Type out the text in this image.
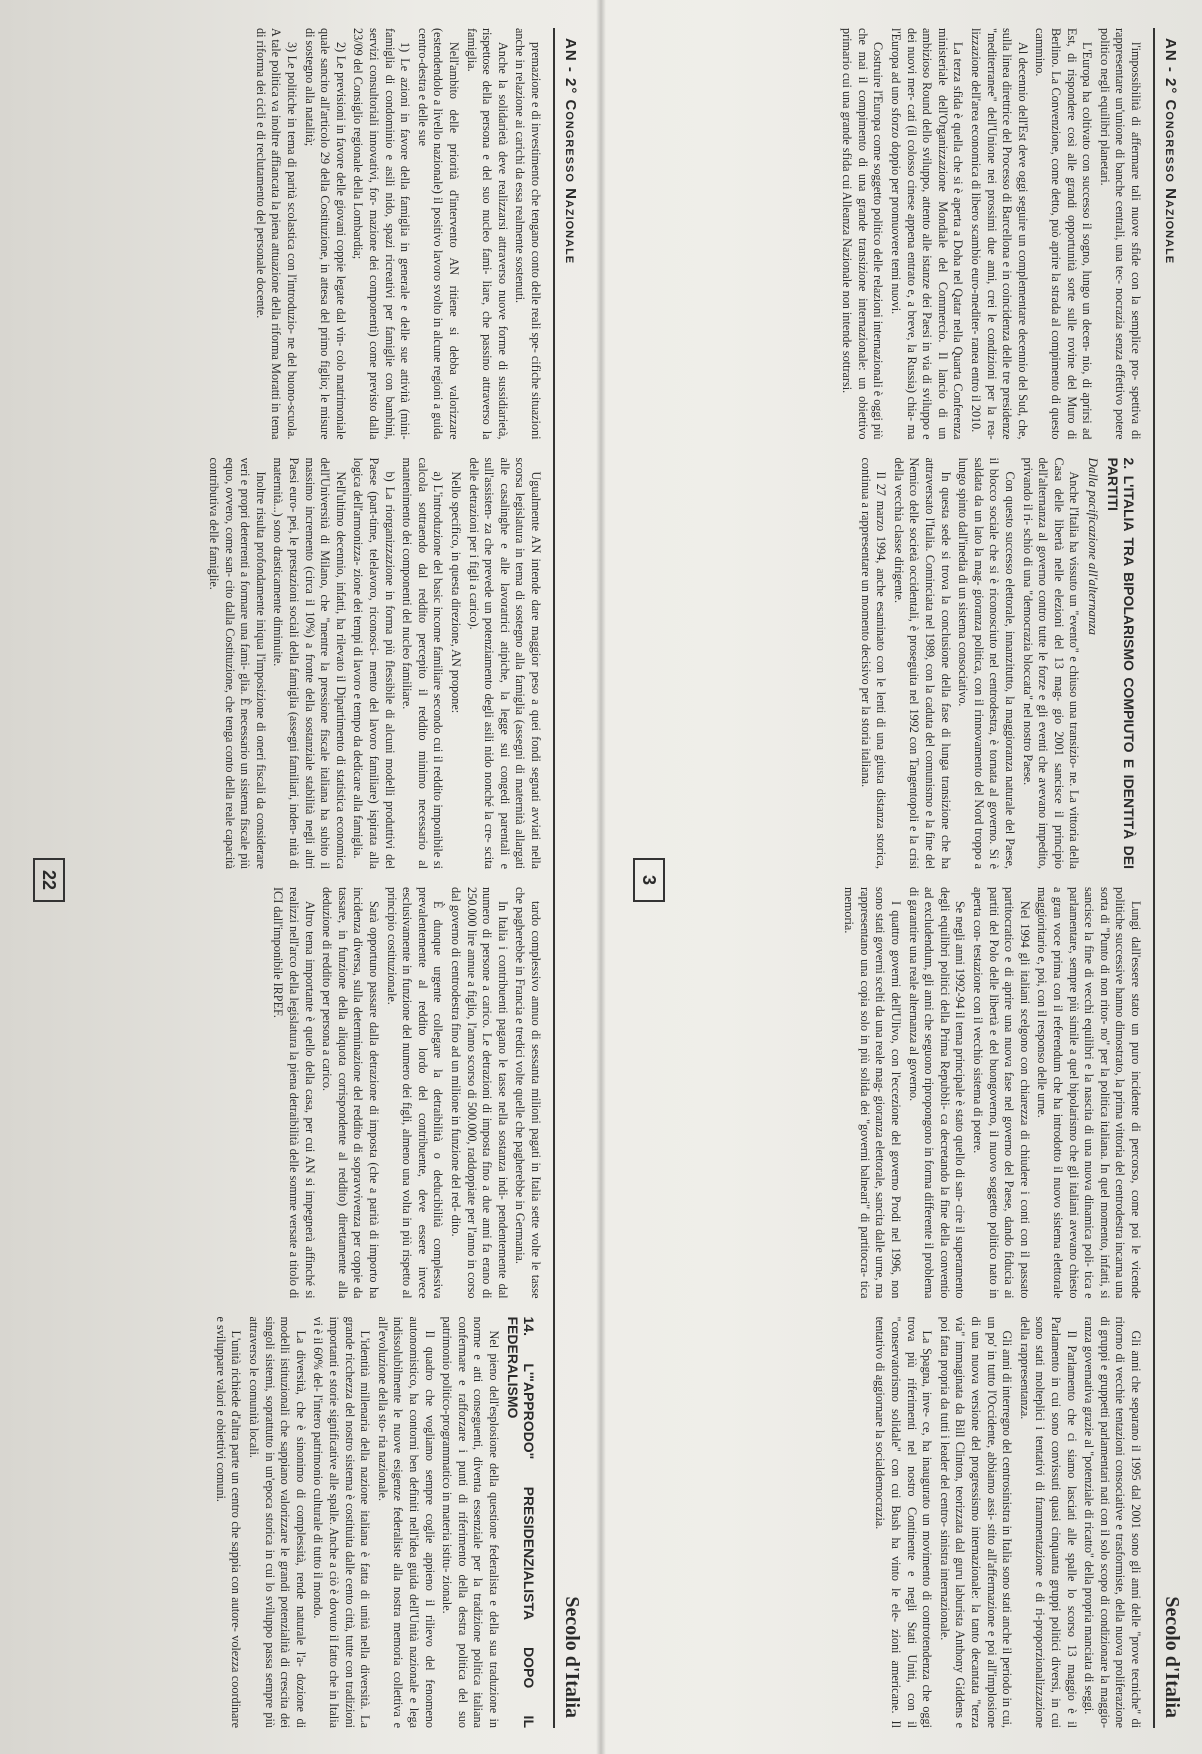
AN - 2° Congresso Nazionale
Secolo d'Italia

premazione e di investimento che tengano conto delle reali spe- cifiche situazioni anche in relazione ai carichi da essa realmente sostenuti.

Anche la solidarietà deve realizzarsi attraverso nuove forme di sussidiarietà, rispettose della persona e del suo nucleo fami- liare, che passino attraverso la famiglia.

Nell'ambito delle priorità d'intervento AN ritiene si debba valorizzare (estendendolo a livello nazionale) il positivo lavoro svolto in alcune regioni a guida centro-destra e delle sue

1) Le azioni in favore della famiglia in generale e delle sue attività (mini-famiglia di condominio e asili nido, spazi ricreativi per famiglie con bambini, servizi consultoriali innovativi, for- mazione dei componenti) come previsto dalla 23/09 del Consiglio regionale della Lombardia;

2) Le previsioni in favore delle giovani coppie legate dal vin- colo matrimoniale quale sancito all'articolo 29 della Costituzione, in attesa del primo figlio; le misure di sostegno alla natalità;

3) Le politiche in tema di parità scolastica con l'introduzio- ne del buono-scuola. A tale politica va inoltre affiancata la piena attuazione della riforma Moratti in tema di riforma dei cicli e di reclutamento del personale docente.

Ugualmente AN intende dare maggior peso a quei fondi segnati avviati nella scorsa legislatura in tema di sostegno alla famiglia (assegni di maternità allargati alle casalinghe e alle lavoratrici atipiche, la legge sui congedi parentali e sull'assisten- za che prevede un potenziamento degli asili nido nonché la cre- scita delle detrazioni per i figli a carico).

Nello specifico, in questa direzione, AN propone:

a) L'introduzione del basic income familiare secondo cui il reddito imponibile si calcola sottraendo dal reddito percepito il reddito minimo necessario al mantenimento dei componenti del nucleo familiare.

b) La riorganizzazione in forma più flessibile di alcuni modelli produttivi del Paese (part-time, telelavoro, riconosci- mento del lavoro familiare) ispirata alla logica dell'armonizza- zione dei tempi di lavoro e tempo da dedicare alla famiglia.

Nell'ultimo decennio, infatti, ha rilevato il Dipartimento di statistica economica dell'Università di Milano, che "mentre la pressione fiscale italiana ha subito il massimo incremento (circa il 10%) a fronte della sostanziale stabilità negli altri Paesi euro- pei, le prestazioni sociali della famiglia (assegni familiari, inden- nità di maternità...) sono drasticamente diminuite.

Inoltre risulta profondamente iniqua l'imposizione di oneri fiscali da considerare veri e propri deterrenti a formare una fami- glia. È necessario un sistema fiscale più equo, ovvero, come san- cito dalla Costituzione, che tenga conto della reale capacità contributiva delle famiglie.

tardo complessivo annuo di sessanta milioni pagati in Italia sette volte le tasse che pagherebbe in Francia e tredici volte quelle che pagherebbe in Germania.

In Italia i contribuenti pagano le tasse nella sostanza indi- pendentemente dal numero di persone a carico. Le detrazioni di imposta fino a due anni fa erano di 250.000 lire annue a figlio, l'anno scorso di 500.000, raddoppiate per l'anno in corso dal governo di centrodestra fino ad un milione in funzione del red- dito.

È dunque urgente collegare la detraibilità o deducibilità complessiva prevalentemente al reddito lordo del contribuente, deve essere invece esclusivamente in funzione del numero dei figli, almeno una volta in più rispetto al principio costituzionale.

Sarà opportuno passare dalla detrazione di imposta (che a parità di importo ha incidenza diversa, sulla determinazione del reddito di sopravvivenza per coppie da tassare, in funzione della aliquota corrispondente al reddito) direttamente alla deduzione di reddito per persona a carico.

Altro tema importante è quello della casa, per cui AN si impegnerà affinché si realizzi nell'arco della legislatura la piena detraibilità delle somme versate a titolo di ICI dall'imponibile IRPEF.

14. L'"APPRODO" PRESIDENZIALISTA DOPO IL FEDERALISMO

Nel pieno dell'esplosione della questione federalista e della sua traduzione in norme e atti conseguenti, diventa essenziale per la tradizione politica italiana confermare e rafforzare i punti di riferimento della destra politica del suo patrimonio politico-programmatico in materia istitu- zionale.

Il quadro che vogliamo sempre coglie appieno il rilievo del fenomeno autonomistico, ha contorni ben definiti nell'idea guida dell'Unità nazionale e lega indissolubilmente le nuove esigenze federaliste alla nostra memoria collettiva e all'evoluzione della sto- ria nazionale.

L'identità millenaria della nazione italiana è fatta di unità nella diversità. La grande ricchezza del nostro sistema è costituita dalle cento città, tutte con tradizioni importanti e storie significative alle spalle. Anche a ciò è dovuto il fatto che in Italia vi è il 60% del- l'intero patrimonio culturale di tutto il mondo.

La diversità, che è sinonimo di complessità, rende naturale l'a- dozione di modelli istituzionali che sappiano valorizzare le grandi potenzialità di crescita dei singoli sistemi, soprattutto in un'epoca storica in cui lo sviluppo passa sempre più attraverso le comunità locali.

L'unità richiede d'altra parte un centro che sappia con autore- volezza coordinare e sviluppare valori e obiettivi comuni.

22
AN - 2° Congresso Nazionale
Secolo d'Italia

l'impossibilità di affermare tali nuove sfide con la semplice pro- spettiva di rappresentare un'unione di banche centrali, una tec- nocrazia senza effettivo potere politico negli equilibri planetari.

L'Europa ha coltivato con successo il sogno, lungo un decen- nio, di aprirsi ad Est, di rispondere così alle grandi opportunità sorte sulle rovine del Muro di Berlino. La Convenzione, come detto, può aprire la strada al compimento di questo cammino.

Al decennio dell'Est deve oggi seguire un complementare decennio del Sud, che, sulla linea direttrice del Processo di Barcellona e in coincidenza delle tre presidenze "mediterranee" dell'Unione nei prossimi due anni, crei le condizioni per la rea- lizzazione dell'area economica di libero scambio euro-mediter- ranea entro il 2010.

La terza sfida è quella che si è aperta a Doha nel Qatar nella Quarta Conferenza ministeriale dell'Organizzazione Mondiale del Commercio. Il lancio di un ambizioso Round dello sviluppo, attento alle istanze dei Paesi in via di sviluppo e dei nuovi mer- cati (il colosso cinese appena entrato e, a breve, la Russia) chia- ma l'Europa ad uno sforzo doppio per promuovere temi nuovi.

Costruire l'Europa come soggetto politico delle relazioni internazionali è oggi più che mai il compimento di una grande transizione internazionale: un obiettivo primario cui una grande sfida cui Alleanza Nazionale non intende sottrarsi.

2. L'ITALIA TRA BIPOLARISMO COMPIUTO E IDENTITÀ DEI PARTITI
Dalla pacificazione all'alternanza

Anche l'Italia ha vissuto un "evento" e chiuso una transizio- ne. La vittoria della Casa delle libertà nelle elezioni del 13 mag- gio 2001 sancisce il principio dell'alternanza al governo contro tutte le forze e gli eventi che avevano impedito, privando il ri- schio di una "democrazia bloccata" nel nostro Paese.

Con questo successo elettorale, innanzitutto, la maggioranza naturale del Paese, il blocco sociale che si è riconosciuto nel centrodestra, è tornata al governo. Si è saldata da un lato la mag- gioranza politica, con il rinnovamento del Nord troppo a lungo spinto dall'inedia di un sistema consociativo.

In questa sede si trova la conclusione della fase di lunga transizione che ha attraversato l'Italia. Cominciata nel 1989, con la caduta del comunismo e la fine del Nemico delle società occidentali, è proseguita nel 1992 con Tangentopoli e la crisi della vecchia classe dirigente.

Il 27 marzo 1994, anche esaminato con le lenti di una giusta distanza storica, continua a rappresentare un momento decisivo per la storia italiana.

Lungi dall'essere stato un puro incidente di percorso, come poi le vicende politiche successive hanno dimostrato, la prima vittoria del centrodestra incarna una sorta di "Punto di non ritor- no" per la politica italiana. In quel momento, infatti, si sancisce la fine di vecchi equilibri e la nascita di una nuova dinamica poli- tica e parlamentare, sempre più simile a quel bipolarismo che gli italiani avevano chiesto a gran voce prima con il referendum che ha introdotto il nuovo sistema elettorale maggioritario e, poi, con il responso delle urne.

Nel 1994 gli italiani scelgono con chiarezza di chiudere i conti con il passato partitocratico e di aprire una nuova fase nel governo del Paese, dando fiducia ai partiti del Polo delle libertà e del buongoverno, il nuovo soggetto politico nato in aperta con- testazione con il vecchio sistema di potere.

Se negli anni 1992-94 il tema principale è stato quello di san- cire il superamento degli equilibri politici della Prima Repubbli- ca decretando la fine della conventio ad excludendum, gli anni che seguono ripropongono in forma differente il problema di garantire una reale alternanza al governo.

I quattro governi dell'Ulivo, con l'eccezione del governo Prodi nel 1996, non sono stati governi scelti da una reale mag- gioranza elettorale, sancita dalle urne, ma rappresentano una copia solo in più solida dei "governi balneari" di partitocra- tica memoria.

Gli anni che separano il 1995 dal 2001 sono gli anni delle "prove tecniche" di ritorno di vecchie tentazioni consociative e trasformiste, della nuova proliferazione di gruppi e gruppetti parlamentari nati con il solo scopo di condizionare la maggio- ranza governativa grazie al "potenziale di ricatto" della propria manciata di seggi.

Il Parlamento che ci siamo lasciati alle spalle lo scorso 13 maggio è il Parlamento in cui sono convissuti quasi cinquanta gruppi politici diversi, in cui sono stati molteplici i tentativi di frammentazione e di ri-proporzionalizzazione della rappresentanza.

Gli anni di interregno del centrosinistra in Italia sono stati anche il periodo in cui, un po' in tutto l'Occidente, abbiamo assi- stito all'affermazione e poi all'implosione di una nuova versione del progressismo internazionale: la tanto decantata "terza via" immaginata da Bill Clinton, teorizzata dal guru laburista Anthony Giddens e poi fatta propria da tutti i leader del centro- sinistra internazionale.

La Spagna, inve- ce, ha inaugurato un movimento di controtendenza che oggi trova più riferimenti nel nostro Continente e negli Stati Uniti, con il "conservatorismo solidale" con cui Bush ha vinto le ele- zioni americane. Il tentativo di aggiornare la socialdemocrazia.

3
